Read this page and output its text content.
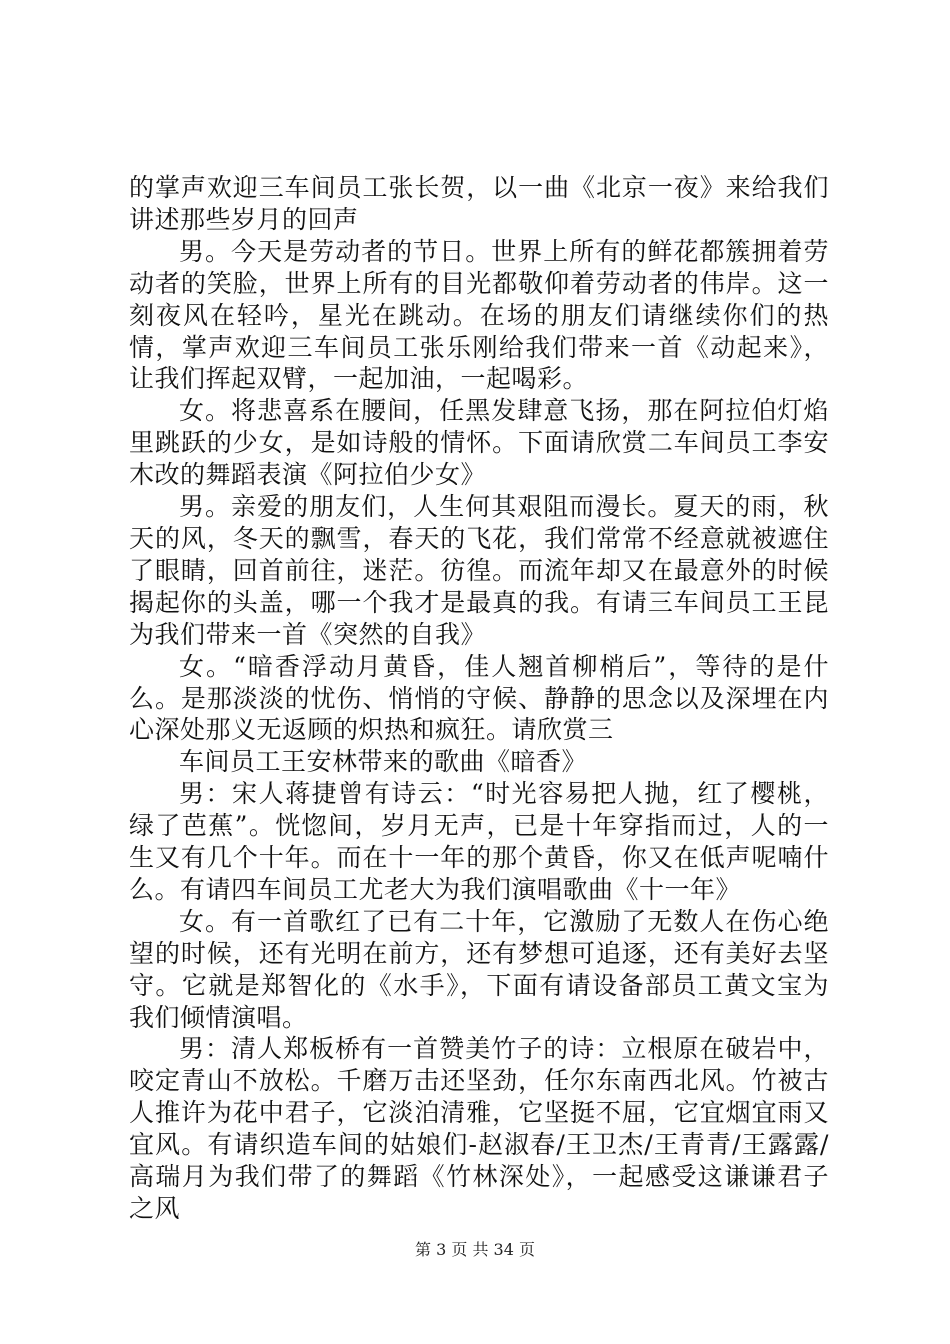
的掌声欢迎三车间员工张长贺，以一曲《北京一夜》来给我们讲述那些岁月的回声

男。今天是劳动者的节日。世界上所有的鲜花都簇拥着劳动者的笑脸，世界上所有的目光都敬仰着劳动者的伟岸。这一刻夜风在轻吟，星光在跳动。在场的朋友们请继续你们的热情，掌声欢迎三车间员工张乐刚给我们带来一首《动起来》，让我们挥起双臂，一起加油，一起喝彩。

女。将悲喜系在腰间，任黑发肆意飞扬，那在阿拉伯灯焰里跳跃的少女，是如诗般的情怀。下面请欣赏二车间员工李安木改的舞蹈表演《阿拉伯少女》

男。亲爱的朋友们，人生何其艰阻而漫长。夏天的雨，秋天的风，冬天的飘雪，春天的飞花，我们常常不经意就被遮住了眼睛，回首前往，迷茫。彷徨。而流年却又在最意外的时候揭起你的头盖，哪一个我才是最真的我。有请三车间员工王昆为我们带来一首《突然的自我》

女。“暗香浮动月黄昏，佳人翘首柳梢后”，等待的是什么。是那淡淡的忧伤、悄悄的守候、静静的思念以及深埋在内心深处那义无返顾的炽热和疯狂。请欣赏三

车间员工王安林带来的歌曲《暗香》

男：宋人蒋捷曾有诗云：“时光容易把人抛，红了樱桃，绿了芭蕉”。恍惚间，岁月无声，已是十年穿指而过，人的一生又有几个十年。而在十一年的那个黄昏，你又在低声呢喃什么。有请四车间员工尤老大为我们演唱歌曲《十一年》

女。有一首歌红了已有二十年，它激励了无数人在伤心绝望的时候，还有光明在前方，还有梦想可追逐，还有美好去坚守。它就是郑智化的《水手》，下面有请设备部员工黄文宝为我们倾情演唱。

男：清人郑板桥有一首赞美竹子的诗：立根原在破岩中，咬定青山不放松。千磨万击还坚劲，任尔东南西北风。竹被古人推许为花中君子，它淡泊清雅，它坚挺不屈，它宜烟宜雨又宜风。有请织造车间的姑娘们-赵淑春/王卫杰/王青青/王露露/高瑞月为我们带了的舞蹈《竹林深处》，一起感受这谦谦君子之风

第 3 页 共 34 页
